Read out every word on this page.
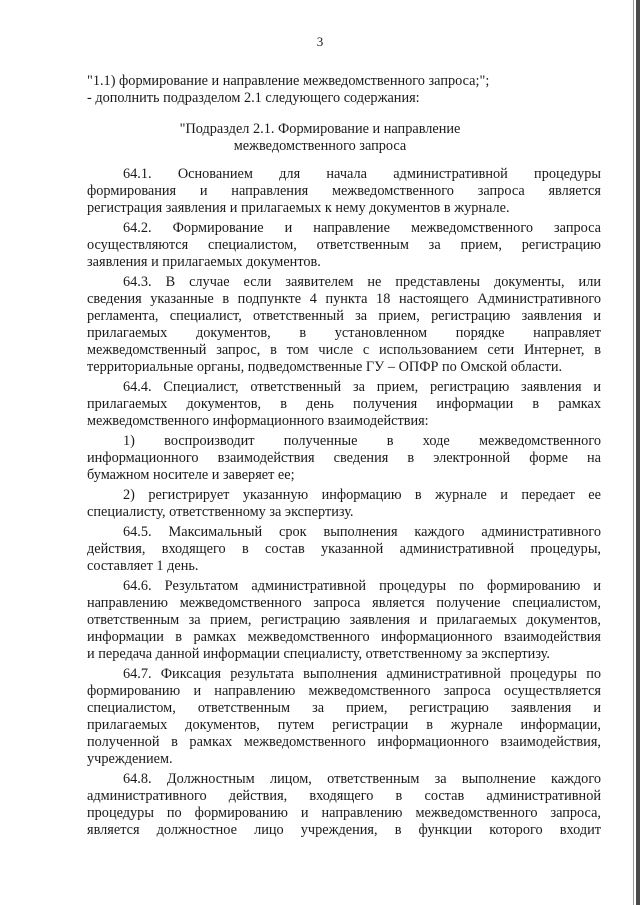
3
"1.1) формирование и направление межведомственного запроса;";
- дополнить подразделом 2.1 следующего содержания:
"Подраздел 2.1. Формирование и направление
межведомственного запроса
64.1. Основанием для начала административной процедуры
формирования и направления межведомственного запроса является
регистрация заявления и прилагаемых к нему документов в журнале.
64.2. Формирование и направление межведомственного запроса
осуществляются специалистом, ответственным за прием, регистрацию
заявления и прилагаемых документов.
64.3. В случае если заявителем не представлены документы, или
сведения указанные в подпункте 4 пункта 18 настоящего Административного
регламента, специалист, ответственный за прием, регистрацию заявления и
прилагаемых документов, в установленном порядке направляет
межведомственный запрос, в том числе с использованием сети Интернет, в
территориальные органы, подведомственные ГУ – ОПФР по Омской области.
64.4. Специалист, ответственный за прием, регистрацию заявления и
прилагаемых документов, в день получения информации в рамках
межведомственного информационного взаимодействия:
1) воспроизводит полученные в ходе межведомственного
информационного взаимодействия сведения в электронной форме на
бумажном носителе и заверяет ее;
2) регистрирует указанную информацию в журнале и передает ее
специалисту, ответственному за экспертизу.
64.5. Максимальный срок выполнения каждого административного
действия, входящего в состав указанной административной процедуры,
составляет 1 день.
64.6. Результатом административной процедуры по формированию и
направлению межведомственного запроса является получение специалистом,
ответственным за прием, регистрацию заявления и прилагаемых документов,
информации в рамках межведомственного информационного взаимодействия
и передача данной информации специалисту, ответственному за экспертизу.
64.7. Фиксация результата выполнения административной процедуры по
формированию и направлению межведомственного запроса осуществляется
специалистом, ответственным за прием, регистрацию заявления и
прилагаемых документов, путем регистрации в журнале информации,
полученной в рамках межведомственного информационного взаимодействия,
учреждением.
64.8. Должностным лицом, ответственным за выполнение каждого
административного действия, входящего в состав административной
процедуры по формированию и направлению межведомственного запроса,
является должностное лицо учреждения, в функции которого входит
